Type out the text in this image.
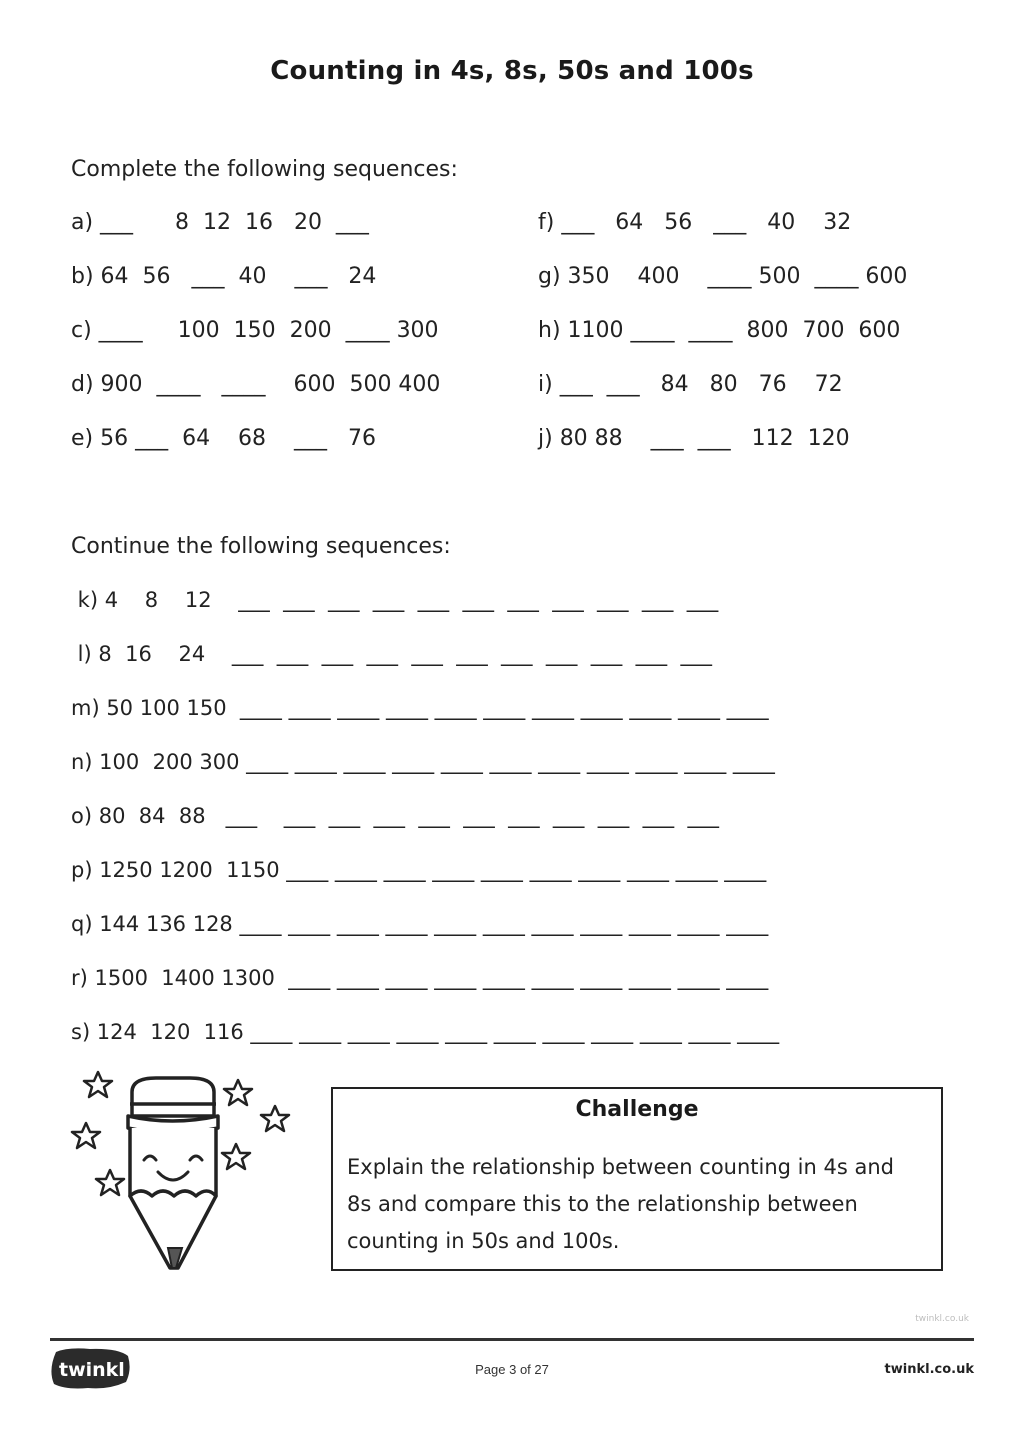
Counting in 4s, 8s, 50s and 100s
Complete the following sequences:
a) ___      8  12  16   20  ___
b) 64  56   ___  40    ___   24
c) ____     100  150  200  ____ 300
d) 900  ____   ____    600  500 400
e) 56 ___  64    68    ___   76
f) ___   64   56   ___   40    32
g) 350    400    ____ 500  ____ 600
h) 1100 ____  ____  800  700  600
i) ___  ___   84   80   76    72
j) 80 88    ___  ___   112  120
Continue the following sequences:
k) 4    8    12    ___  ___  ___  ___  ___  ___  ___  ___  ___  ___  ___
l) 8  16    24    ___  ___  ___  ___  ___  ___  ___  ___  ___  ___  ___
m) 50 100 150  ____ ____ ____ ____ ____ ____ ____ ____ ____ ____ ____
n) 100  200 300 ____ ____ ____ ____ ____ ____ ____ ____ ____ ____ ____
o) 80  84  88   ___    ___  ___  ___  ___  ___  ___  ___  ___  ___  ___
p) 1250 1200  1150 ____ ____ ____ ____ ____ ____ ____ ____ ____ ____
q) 144 136 128 ____ ____ ____ ____ ____ ____ ____ ____ ____ ____ ____
r) 1500  1400 1300  ____ ____ ____ ____ ____ ____ ____ ____ ____ ____
s) 124  120  116 ____ ____ ____ ____ ____ ____ ____ ____ ____ ____ ____
Challenge
Explain the relationship between counting in 4s and 8s and compare this to the relationship between counting in 50s and 100s.
twinkl.co.uk
twinkl	Page 3 of 27	twinkl.co.uk
